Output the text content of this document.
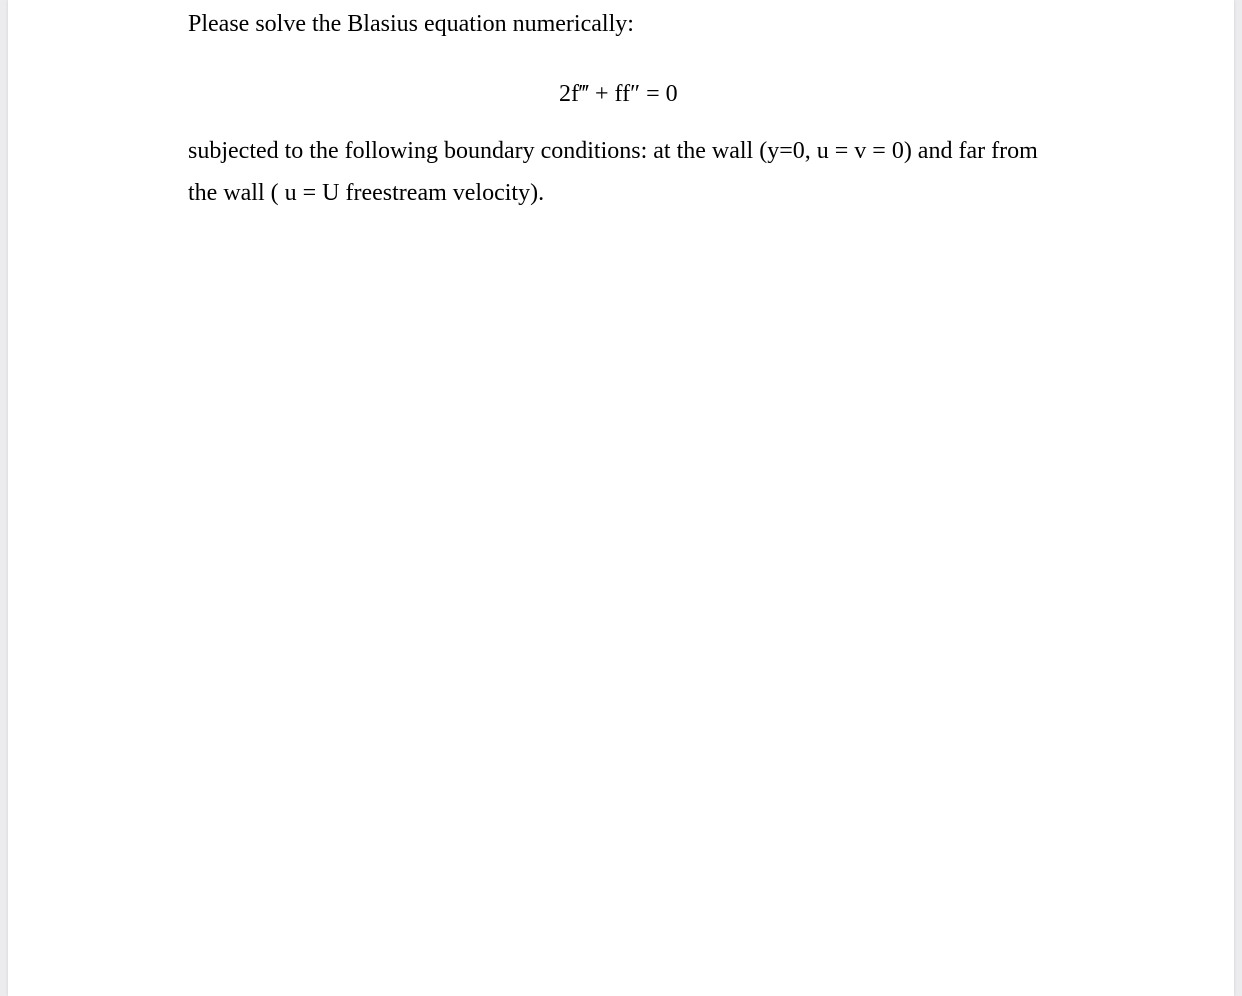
Please solve the Blasius equation numerically:
2f‴ + ff″ = 0
subjected to the following boundary conditions: at the wall (y=0, u = v = 0) and far from
the wall ( u = U freestream velocity).
